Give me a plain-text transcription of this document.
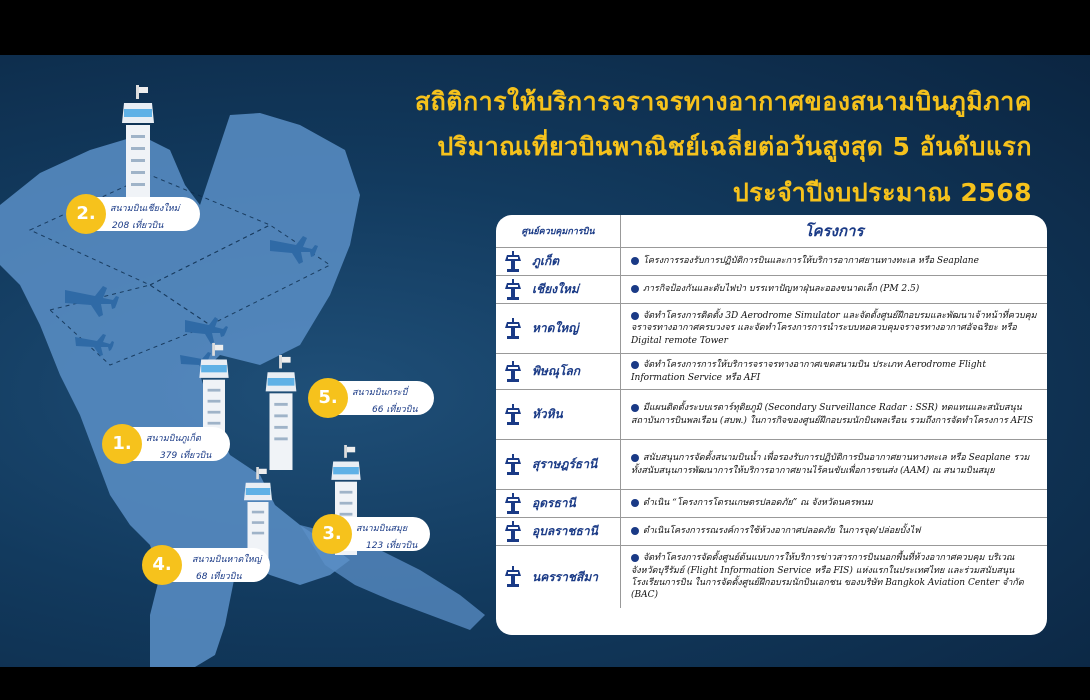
2.	สนามบินเชียงใหม่
208 เที่ยวบิน
1.	สนามบินภูเก็ต
379 เที่ยวบิน
5.	สนามบินกระบี่
66 เที่ยวบิน
3.	สนามบินสมุย
123 เที่ยวบิน
4.	สนามบินหาดใหญ่
68 เที่ยวบิน
สถิติการให้บริการจราจรทางอากาศของสนามบินภูมิภาค
ปริมาณเที่ยวบินพาณิชย์เฉลี่ยต่อวันสูงสุด 5 อันดับแรก
ประจำปีงบประมาณ 2568
ศูนย์ควบคุมการบิน	โครงการ

ภูเก็ต	โครงการรองรับการปฏิบัติการบินและการให้บริการอากาศยานทางทะเล หรือ Seaplane

เชียงใหม่	ภารกิจป้องกันและดับไฟป่า บรรเทาปัญหาฝุ่นละอองขนาดเล็ก (PM 2.5)

หาดใหญ่	จัดทำโครงการติดตั้ง 3D Aerodrome Simulator และจัดตั้งศูนย์ฝึกอบรมและพัฒนาเจ้าหน้าที่ควบคุมจราจรทางอากาศครบวงจร และจัดทำโครงการการนำระบบหอควบคุมจราจรทางอากาศอัจฉริยะ หรือ Digital remote Tower

พิษณุโลก	จัดทำโครงการการให้บริการจราจรทางอากาศเขตสนามบิน ประเภท Aerodrome Flight Information Service หรือ AFI

หัวหิน	มีแผนติดตั้งระบบเรดาร์ทุติยภูมิ (Secondary Surveillance Radar : SSR) ทดแทนและสนับสนุนสถาบันการบินพลเรือน (สบพ.) ในการกิจของศูนย์ฝึกอบรมนักบินพลเรือน รวมถึงการจัดทำโครงการ AFIS

สุราษฎร์ธานี	สนับสนุนการจัดตั้งสนามบินน้ำ เพื่อรองรับการปฏิบัติการบินอากาศยานทางทะเล หรือ Seaplane รวมทั้งสนับสนุนการพัฒนาการให้บริการอากาศยานไร้คนขับเพื่อการขนส่ง (AAM) ณ สนามบินสมุย

อุดรธานี	ดำเนิน “โครงการโดรนเกษตรปลอดภัย” ณ จังหวัดนครพนม

อุบลราชธานี	ดำเนินโครงการรณรงค์การใช้ห้วงอากาศปลอดภัย ในการจุด/ปล่อยบั้งไฟ

นครราชสีมา	จัดทำโครงการจัดตั้งศูนย์ต้นแบบการให้บริการข่าวสารการบินนอกพื้นที่ห้วงอากาศควบคุม บริเวณจังหวัดบุรีรัมย์ (Flight Information Service หรือ FIS) แห่งแรกในประเทศไทย และร่วมสนับสนุนโรงเรียนการบิน ในการจัดตั้งศูนย์ฝึกอบรมนักบินเอกชน ของบริษัท Bangkok Aviation Center จำกัด (BAC)
